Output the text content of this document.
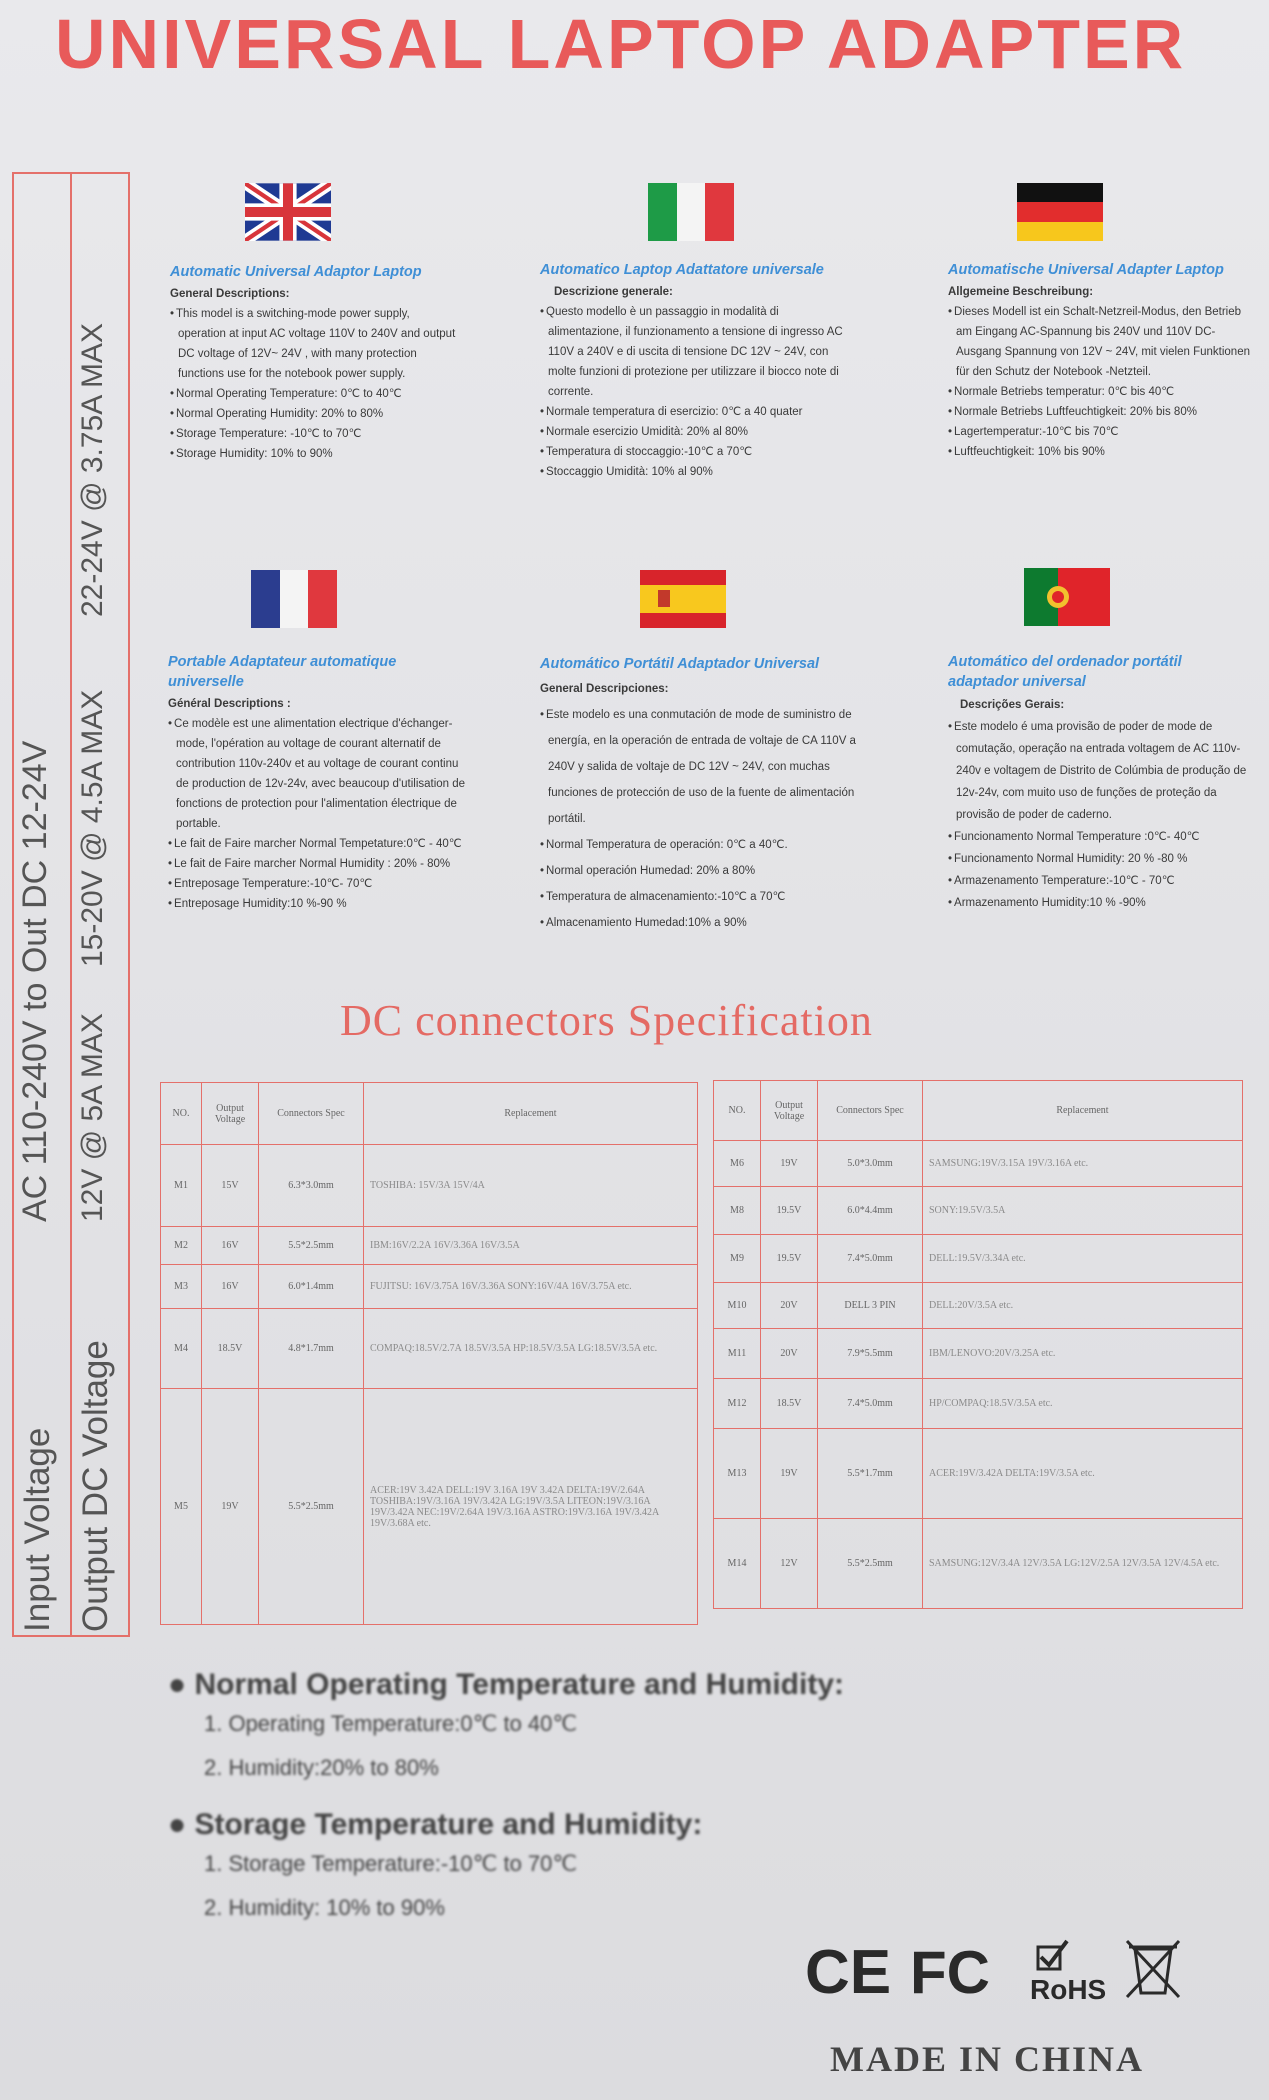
UNIVERSAL LAPTOP ADAPTER
Input Voltage
AC 110-240V to Out DC 12-24V
Output DC Voltage
12V @ 5A MAX
15-20V @ 4.5A MAX
22-24V @ 3.75A MAX
Automatic Universal Adaptor Laptop
General Descriptions:
• This model is a switching-mode power supply, operation at input AC voltage 110V to 240V and output DC voltage of 12V~ 24V , with many protection functions use for the notebook power supply.
• Normal Operating Temperature: 0℃ to 40℃
• Normal Operating Humidity: 20% to 80%
• Storage Temperature: -10℃ to 70℃
• Storage Humidity: 10% to 90%
Automatico Laptop Adattatore universale
Descrizione generale:
• Questo modello è un passaggio in modalità di alimentazione, il funzionamento a tensione di ingresso AC 110V a 240V e di uscita di tensione DC 12V ~ 24V, con molte funzioni di protezione per utilizzare il biocco note di corrente.
• Normale temperatura di esercizio: 0℃ a 40 quater
• Normale esercizio Umidità: 20% al 80%
• Temperatura di stoccaggio:-10℃ a 70℃
• Stoccaggio Umidità: 10% al 90%
Automatische Universal Adapter Laptop
Allgemeine Beschreibung:
• Dieses Modell ist ein Schalt-Netzreil-Modus, den Betrieb am Eingang AC-Spannung bis 240V und 110V DC-Ausgang Spannung von 12V ~ 24V, mit vielen Funktionen für den Schutz der Notebook -Netzteil.
• Normale Betriebs temperatur: 0℃ bis 40℃
• Normale Betriebs Luftfeuchtigkeit: 20% bis 80%
• Lagertemperatur:-10℃ bis 70℃
• Luftfeuchtigkeit: 10% bis 90%
Portable Adaptateur automatique universelle
Général Descriptions :
• Ce modèle est une alimentation electrique d'échanger-mode, l'opération au voltage de courant alternatif de contribution 110v-240v et au voltage de courant continu de production de 12v-24v, avec beaucoup d'utilisation de fonctions de protection pour l'alimentation électrique de portable.
• Le fait de Faire marcher Normal Tempetature:0℃ - 40℃
• Le fait de Faire marcher Normal Humidity : 20% - 80%
• Entreposage Temperature:-10℃- 70℃
• Entreposage Humidity:10 %-90 %
Automático Portátil Adaptador Universal
General Descripciones:
• Este modelo es una conmutación de mode de suministro de energía, en la operación de entrada de voltaje de CA 110V a 240V y salida de voltaje de DC 12V ~ 24V, con muchas funciones de protección de uso de la fuente de alimentación portátil.
• Normal Temperatura de operación: 0℃ a 40℃.
• Normal operación Humedad: 20% a 80%
• Temperatura de almacenamiento:-10℃ a 70℃
• Almacenamiento Humedad:10% a 90%
Automático del ordenador portátil adaptador universal
Descrições Gerais:
• Este modelo é uma provisão de poder de mode de comutação, operação na entrada voltagem de AC 110v-240v e voltagem de Distrito de Colúmbia de produção de 12v-24v, com muito uso de funções de proteção da provisão de poder de caderno.
• Funcionamento Normal Temperature :0℃- 40℃
• Funcionamento Normal Humidity: 20 % -80 %
• Armazenamento Temperature:-10℃ - 70℃
• Armazenamento Humidity:10 % -90%
DC connectors Specification
NO.	Output Voltage	Connectors Spec	Replacement
M1	15V	6.3*3.0mm	TOSHIBA: 15V/3A 15V/4A
M2	16V	5.5*2.5mm	IBM:16V/2.2A 16V/3.36A 16V/3.5A
M3	16V	6.0*1.4mm	FUJITSU: 16V/3.75A 16V/3.36A SONY:16V/4A 16V/3.75A etc.
M4	18.5V	4.8*1.7mm	COMPAQ:18.5V/2.7A 18.5V/3.5A HP:18.5V/3.5A LG:18.5V/3.5A etc.
M5	19V	5.5*2.5mm	ACER:19V 3.42A DELL:19V 3.16A 19V 3.42A DELTA:19V/2.64A TOSHIBA:19V/3.16A 19V/3.42A LG:19V/3.5A LITEON:19V/3.16A 19V/3.42A NEC:19V/2.64A 19V/3.16A ASTRO:19V/3.16A 19V/3.42A 19V/3.68A etc.
NO.	Output Voltage	Connectors Spec	Replacement
M6	19V	5.0*3.0mm	SAMSUNG:19V/3.15A 19V/3.16A etc.
M8	19.5V	6.0*4.4mm	SONY:19.5V/3.5A
M9	19.5V	7.4*5.0mm	DELL:19.5V/3.34A etc.
M10	20V	DELL 3 PIN	DELL:20V/3.5A etc.
M11	20V	7.9*5.5mm	IBM/LENOVO:20V/3.25A etc.
M12	18.5V	7.4*5.0mm	HP/COMPAQ:18.5V/3.5A etc.
M13	19V	5.5*1.7mm	ACER:19V/3.42A DELTA:19V/3.5A etc.
M14	12V	5.5*2.5mm	SAMSUNG:12V/3.4A 12V/3.5A LG:12V/2.5A 12V/3.5A 12V/4.5A etc.
● Normal Operating Temperature and Humidity:
1. Operating Temperature:0℃ to 40℃
2. Humidity:20% to 80%
● Storage Temperature and Humidity:
1. Storage Temperature:-10℃ to 70℃
2. Humidity: 10% to 90%
CE FC RoHS
MADE IN CHINA
